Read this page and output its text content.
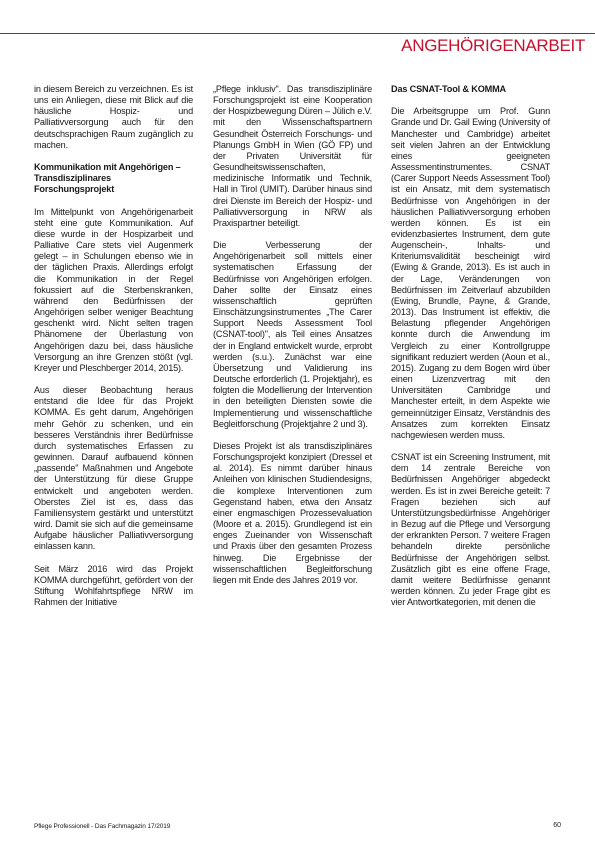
ANGEHÖRIGENARBEIT

in diesem Bereich zu verzeichnen. Es ist uns ein Anliegen, diese mit Blick auf die häusliche Hospiz- und Palliativversorgung auch für den deutschsprachigen Raum zugänglich zu machen.

Kommunikation mit Angehörigen – Transdisziplinares Forschungsprojekt

Im Mittelpunkt von Angehörigenarbeit steht eine gute Kommunikation. Auf diese wurde in der Hospizarbeit und Palliative Care stets viel Augenmerk gelegt – in Schulungen ebenso wie in der täglichen Praxis. Allerdings erfolgt die Kommunikation in der Regel fokussiert auf die Sterbenskranken, während den Bedürfnissen der Angehörigen selber weniger Beachtung geschenkt wird. Nicht selten tragen Phänomene der Überlastung von Angehörigen dazu bei, dass häusliche Versorgung an ihre Grenzen stößt (vgl. Kreyer und Pleschberger 2014, 2015).

Aus dieser Beobachtung heraus entstand die Idee für das Projekt KOMMA. Es geht darum, Angehörigen mehr Gehör zu schenken, und ein besseres Verständnis ihrer Bedürfnisse durch systematisches Erfassen zu gewinnen. Darauf aufbauend können „passende" Maßnahmen und Angebote der Unterstützung für diese Gruppe entwickelt und angeboten werden. Oberstes Ziel ist es, dass das Familiensystem gestärkt und unterstützt wird. Damit sie sich auf die gemeinsame Aufgabe häuslicher Palliativversorgung einlassen kann.

Seit März 2016 wird das Projekt KOMMA durchgeführt, gefördert von der Stiftung Wohlfahrtspflege NRW im Rahmen der Initiative

„Pflege inklusiv". Das transdisziplinäre Forschungsprojekt ist eine Kooperation der Hospizbewegung Düren – Jülich e.V. mit den Wissenschaftspartnern Gesundheit Österreich Forschungs- und Planungs GmbH in Wien (GÖ FP) und der Privaten Universität für Gesundheitswissenschaften, medizinische Informatik und Technik, Hall in Tirol (UMIT). Darüber hinaus sind drei Dienste im Bereich der Hospiz- und Palliativversorgung in NRW als Praxispartner beteiligt.

Die Verbesserung der Angehörigenarbeit soll mittels einer systematischen Erfassung der Bedürfnisse von Angehörigen erfolgen. Daher sollte der Einsatz eines wissenschaftlich geprüften Einschätzungsinstrumentes „The Carer Support Needs Assessment Tool (CSNAT-tool)", als Teil eines Ansatzes der in England entwickelt wurde, erprobt werden (s.u.). Zunächst war eine Übersetzung und Validierung ins Deutsche erforderlich (1. Projektjahr), es folgten die Modellierung der Intervention in den beteiligten Diensten sowie die Implementierung und wissenschaftliche Begleitforschung (Projektjahre 2 und 3).

Dieses Projekt ist als transdisziplinäres Forschungsprojekt konzipiert (Dressel et al. 2014). Es nimmt darüber hinaus Anleihen von klinischen Studiendesigns, die komplexe Interventionen zum Gegenstand haben, etwa den Ansatz einer engmaschigen Prozessevaluation (Moore et a. 2015). Grundlegend ist ein enges Zueinander von Wissenschaft und Praxis über den gesamten Prozess hinweg. Die Ergebnisse der wissenschaftlichen Begleitforschung liegen mit Ende des Jahres 2019 vor.

Das CSNAT-Tool & KOMMA

Die Arbeitsgruppe um Prof. Gunn Grande und Dr. Gail Ewing (University of Manchester und Cambridge) arbeitet seit vielen Jahren an der Entwicklung eines geeigneten Assessmentinstrumentes. CSNAT (Carer Support Needs Assessment Tool) ist ein Ansatz, mit dem systematisch Bedürfnisse von Angehörigen in der häuslichen Palliativversorgung erhoben werden können. Es ist ein evidenzbasiertes Instrument, dem gute Augenschein-, Inhalts- und Kriteriumsvalidität bescheinigt wird (Ewing & Grande, 2013). Es ist auch in der Lage, Veränderungen von Bedürfnissen im Zeitverlauf abzubilden (Ewing, Brundle, Payne, & Grande, 2013). Das Instrument ist effektiv, die Belastung pflegender Angehörigen konnte durch die Anwendung im Vergleich zu einer Kontrollgruppe signifikant reduziert werden (Aoun et al., 2015). Zugang zu dem Bogen wird über einen Lizenzvertrag mit den Universitäten Cambridge und Manchester erteilt, in dem Aspekte wie gemeinnütziger Einsatz, Verständnis des Ansatzes zum korrekten Einsatz nachgewiesen werden muss.

CSNAT ist ein Screening Instrument, mit dem 14 zentrale Bereiche von Bedürfnissen Angehöriger abgedeckt werden. Es ist in zwei Bereiche geteilt: 7 Fragen beziehen sich auf Unterstützungsbedürfnisse Angehöriger in Bezug auf die Pflege und Versorgung der erkrankten Person. 7 weitere Fragen behandeln direkte persönliche Bedürfnisse der Angehörigen selbst. Zusätzlich gibt es eine offene Frage, damit weitere Bedürfnisse genannt werden können. Zu jeder Frage gibt es vier Antwortkategorien, mit denen die

Pflege Professionell - Das Fachmagazin 17/2019	60
